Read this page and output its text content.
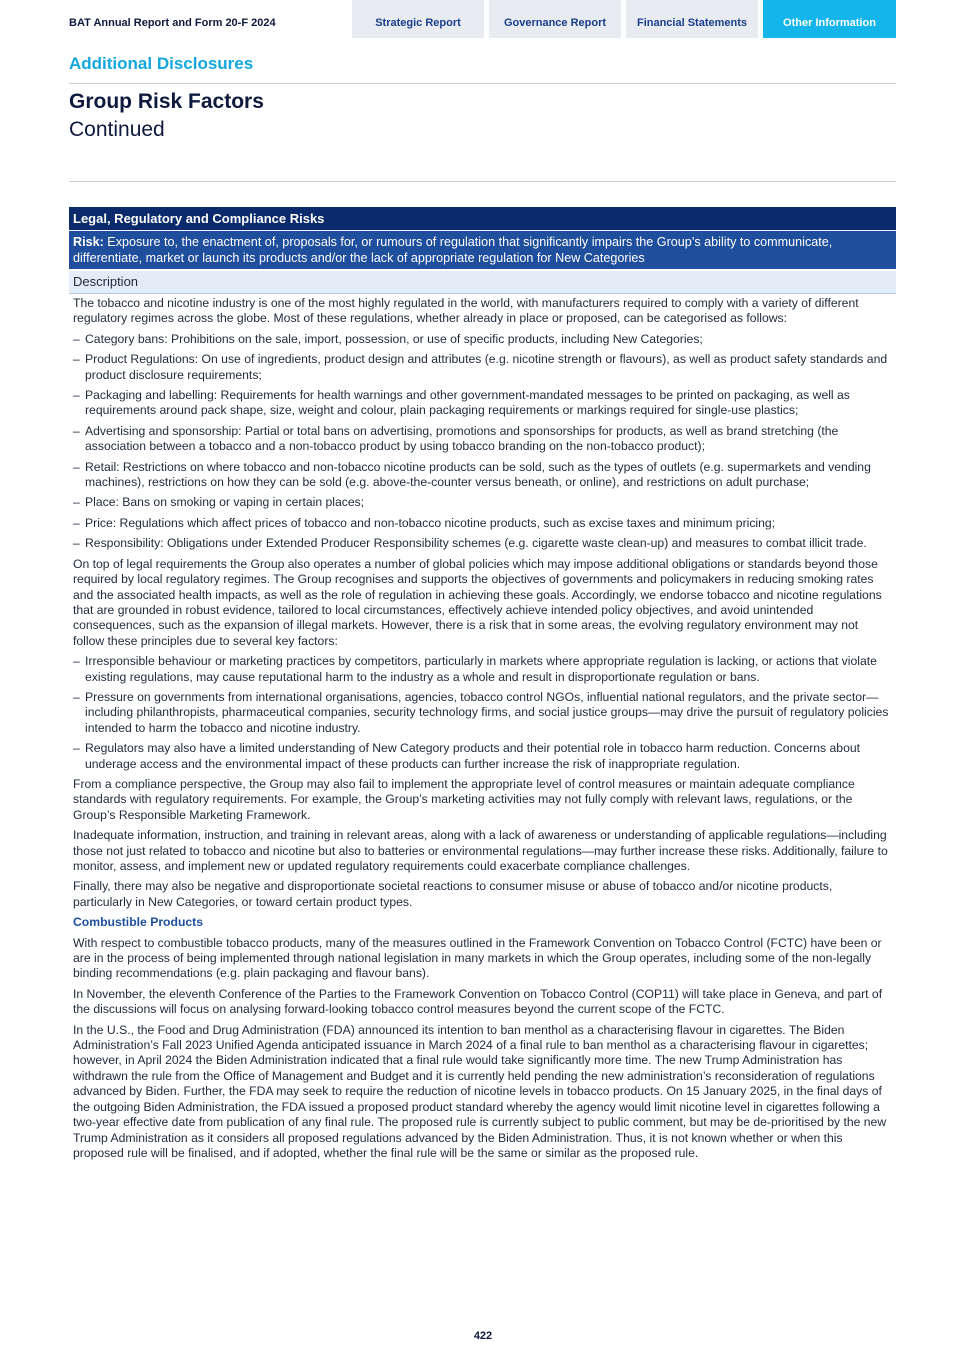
BAT Annual Report and Form 20-F 2024	Strategic Report	Governance Report	Financial Statements	Other Information
Additional Disclosures
Group Risk Factors
Continued
Legal, Regulatory and Compliance Risks
Risk: Exposure to, the enactment of, proposals for, or rumours of regulation that significantly impairs the Group’s ability to communicate, differentiate, market or launch its products and/or the lack of appropriate regulation for New Categories
Description

The tobacco and nicotine industry is one of the most highly regulated in the world, with manufacturers required to comply with a variety of different regulatory regimes across the globe. Most of these regulations, whether already in place or proposed, can be categorised as follows:

– Category bans: Prohibitions on the sale, import, possession, or use of specific products, including New Categories;
– Product Regulations: On use of ingredients, product design and attributes (e.g. nicotine strength or flavours), as well as product safety standards and product disclosure requirements;
– Packaging and labelling: Requirements for health warnings and other government-mandated messages to be printed on packaging, as well as requirements around pack shape, size, weight and colour, plain packaging requirements or markings required for single-use plastics;
– Advertising and sponsorship: Partial or total bans on advertising, promotions and sponsorships for products, as well as brand stretching (the association between a tobacco and a non-tobacco product by using tobacco branding on the non-tobacco product);
– Retail: Restrictions on where tobacco and non-tobacco nicotine products can be sold, such as the types of outlets (e.g. supermarkets and vending machines), restrictions on how they can be sold (e.g. above-the-counter versus beneath, or online), and restrictions on adult purchase;
– Place: Bans on smoking or vaping in certain places;
– Price: Regulations which affect prices of tobacco and non-tobacco nicotine products, such as excise taxes and minimum pricing;
– Responsibility: Obligations under Extended Producer Responsibility schemes (e.g. cigarette waste clean-up) and measures to combat illicit trade.

On top of legal requirements the Group also operates a number of global policies which may impose additional obligations or standards beyond those required by local regulatory regimes. The Group recognises and supports the objectives of governments and policymakers in reducing smoking rates and the associated health impacts, as well as the role of regulation in achieving these goals. Accordingly, we endorse tobacco and nicotine regulations that are grounded in robust evidence, tailored to local circumstances, effectively achieve intended policy objectives, and avoid unintended consequences, such as the expansion of illegal markets. However, there is a risk that in some areas, the evolving regulatory environment may not follow these principles due to several key factors:

– Irresponsible behaviour or marketing practices by competitors, particularly in markets where appropriate regulation is lacking, or actions that violate existing regulations, may cause reputational harm to the industry as a whole and result in disproportionate regulation or bans.
– Pressure on governments from international organisations, agencies, tobacco control NGOs, influential national regulators, and the private sector—including philanthropists, pharmaceutical companies, security technology firms, and social justice groups—may drive the pursuit of regulatory policies intended to harm the tobacco and nicotine industry.
– Regulators may also have a limited understanding of New Category products and their potential role in tobacco harm reduction. Concerns about underage access and the environmental impact of these products can further increase the risk of inappropriate regulation.

From a compliance perspective, the Group may also fail to implement the appropriate level of control measures or maintain adequate compliance standards with regulatory requirements. For example, the Group’s marketing activities may not fully comply with relevant laws, regulations, or the Group’s Responsible Marketing Framework.

Inadequate information, instruction, and training in relevant areas, along with a lack of awareness or understanding of applicable regulations—including those not just related to tobacco and nicotine but also to batteries or environmental regulations—may further increase these risks. Additionally, failure to monitor, assess, and implement new or updated regulatory requirements could exacerbate compliance challenges.

Finally, there may also be negative and disproportionate societal reactions to consumer misuse or abuse of tobacco and/or nicotine products, particularly in New Categories, or toward certain product types.

Combustible Products

With respect to combustible tobacco products, many of the measures outlined in the Framework Convention on Tobacco Control (FCTC) have been or are in the process of being implemented through national legislation in many markets in which the Group operates, including some of the non-legally binding recommendations (e.g. plain packaging and flavour bans).

In November, the eleventh Conference of the Parties to the Framework Convention on Tobacco Control (COP11) will take place in Geneva, and part of the discussions will focus on analysing forward-looking tobacco control measures beyond the current scope of the FCTC.

In the U.S., the Food and Drug Administration (FDA) announced its intention to ban menthol as a characterising flavour in cigarettes. The Biden Administration’s Fall 2023 Unified Agenda anticipated issuance in March 2024 of a final rule to ban menthol as a characterising flavour in cigarettes; however, in April 2024 the Biden Administration indicated that a final rule would take significantly more time. The new Trump Administration has withdrawn the rule from the Office of Management and Budget and it is currently held pending the new administration’s reconsideration of regulations advanced by Biden. Further, the FDA may seek to require the reduction of nicotine levels in tobacco products. On 15 January 2025, in the final days of the outgoing Biden Administration, the FDA issued a proposed product standard whereby the agency would limit nicotine level in cigarettes following a two-year effective date from publication of any final rule. The proposed rule is currently subject to public comment, but may be de-prioritised by the new Trump Administration as it considers all proposed regulations advanced by the Biden Administration. Thus, it is not known whether or when this proposed rule will be finalised, and if adopted, whether the final rule will be the same or similar as the proposed rule.

422
